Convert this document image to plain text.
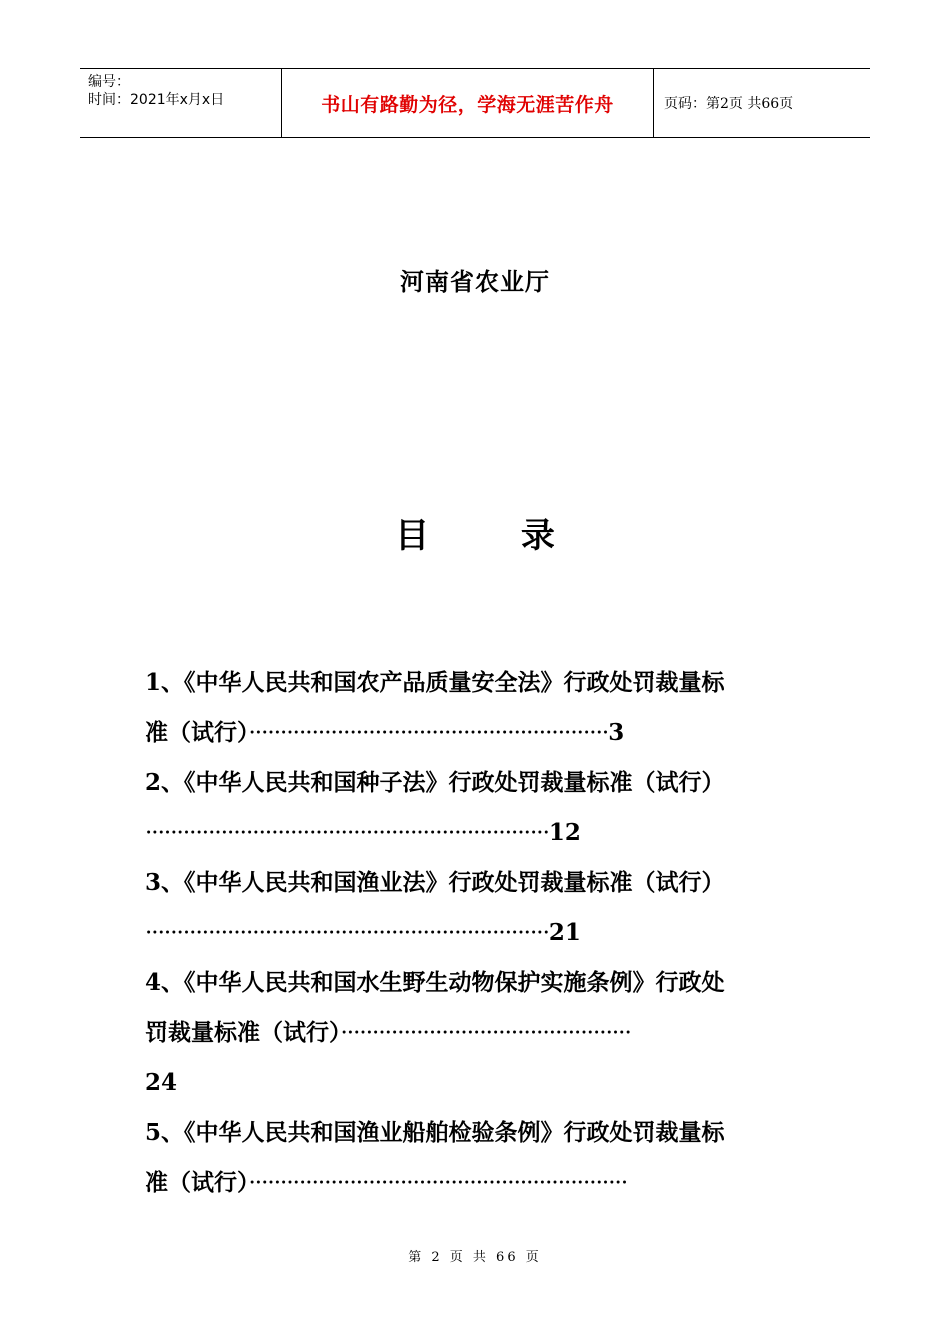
编号：
时间：2021年x月x日	书山有路勤为径，学海无涯苦作舟	页码：第2页 共66页
河南省农业厅
目 录
1、《中华人民共和国农产品质量安全法》行政处罚裁量标
准（试行）·························································3
2、《中华人民共和国种子法》行政处罚裁量标准（试行）
································································12
3、《中华人民共和国渔业法》行政处罚裁量标准（试行）
································································21
4、《中华人民共和国水生野生动物保护实施条例》行政处
罚裁量标准（试行）··············································
24
5、《中华人民共和国渔业船舶检验条例》行政处罚裁量标
准（试行）····························································
第 2 页 共 66 页
